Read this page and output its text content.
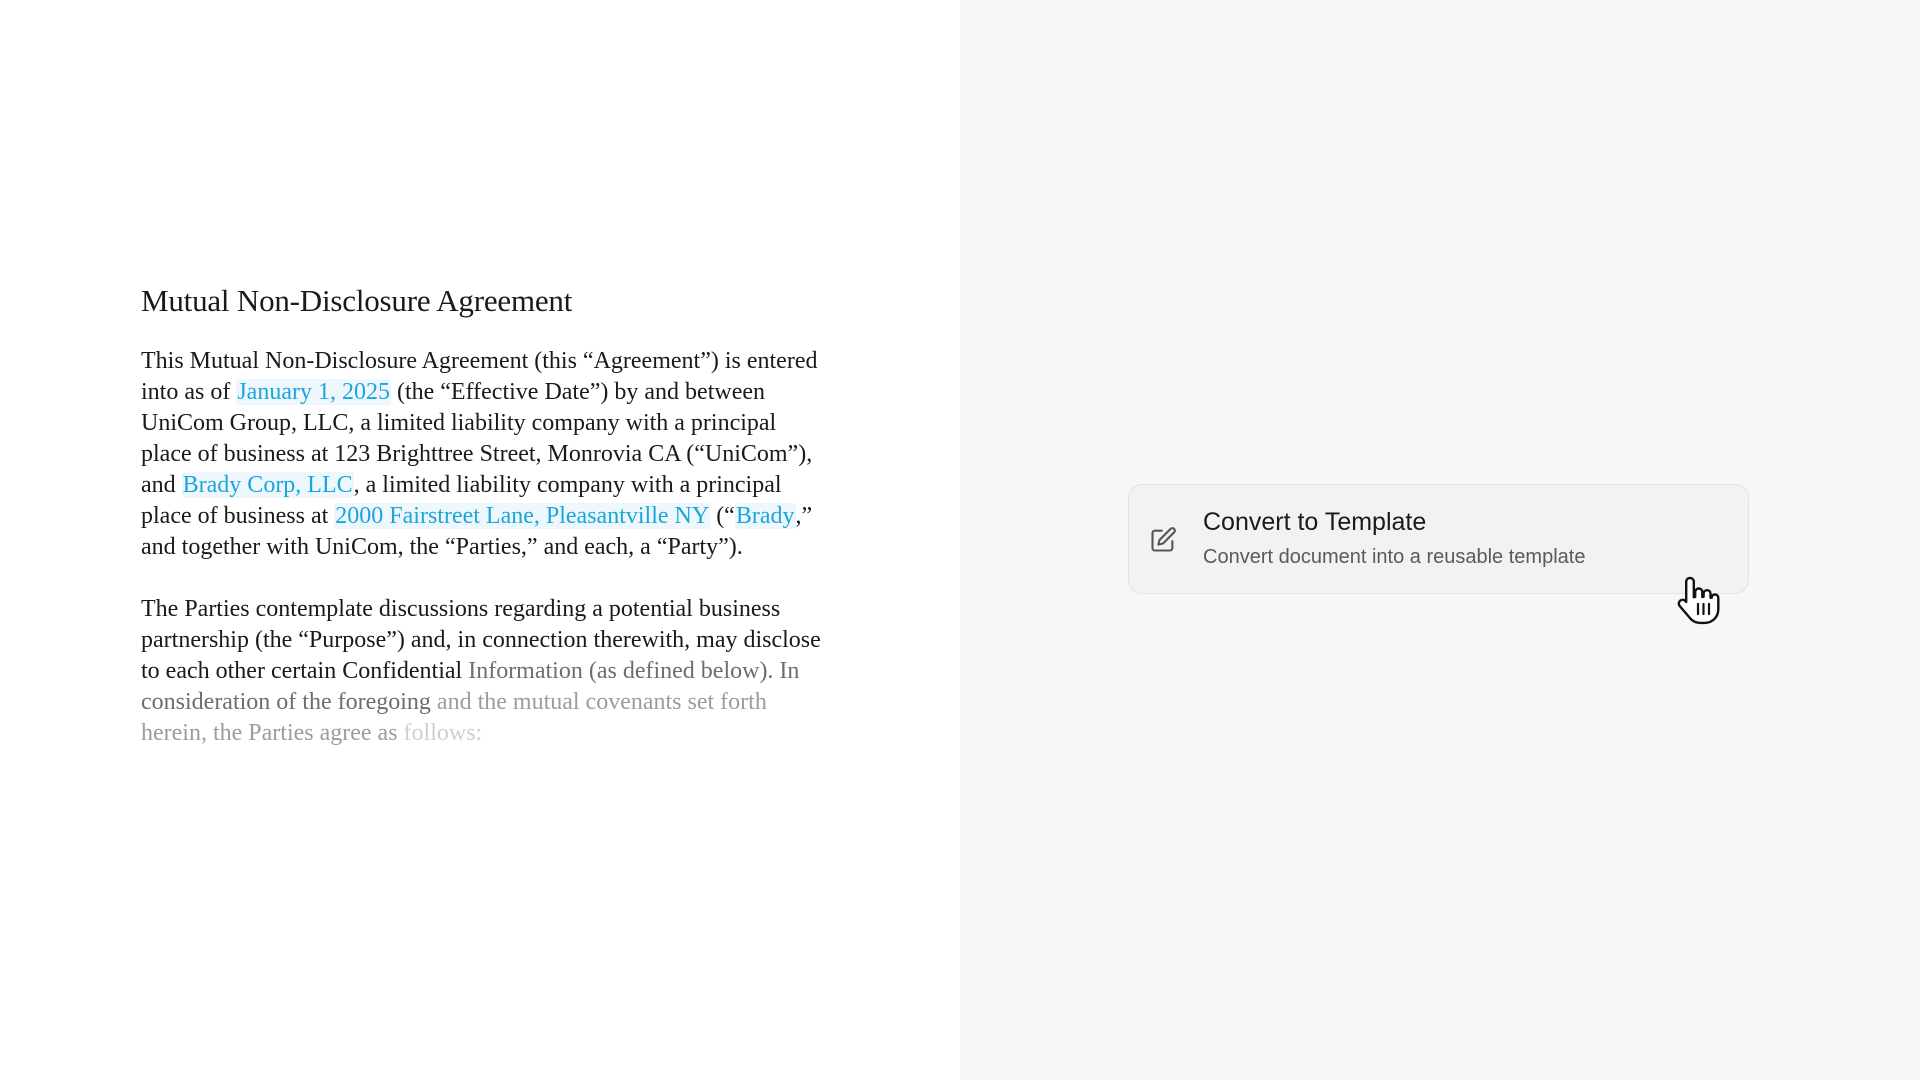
Mutual Non-Disclosure Agreement

This Mutual Non-Disclosure Agreement (this “Agreement”) is entered into as of January 1, 2025 (the “Effective Date”) by and between UniCom Group, LLC, a limited liability company with a principal place of business at 123 Brighttree Street, Monrovia CA (“UniCom”), and Brady Corp, LLC, a limited liability company with a principal place of business at 2000 Fairstreet Lane, Pleasantville NY (“Brady,” and together with UniCom, the “Parties,” and each, a “Party”).

The Parties contemplate discussions regarding a potential business partnership (the “Purpose”) and, in connection therewith, may disclose to each other certain Confidential Information (as defined below). In consideration of the foregoing and the mutual covenants set forth herein, the Parties agree as follows:

Convert to Template
Convert document into a reusable template
